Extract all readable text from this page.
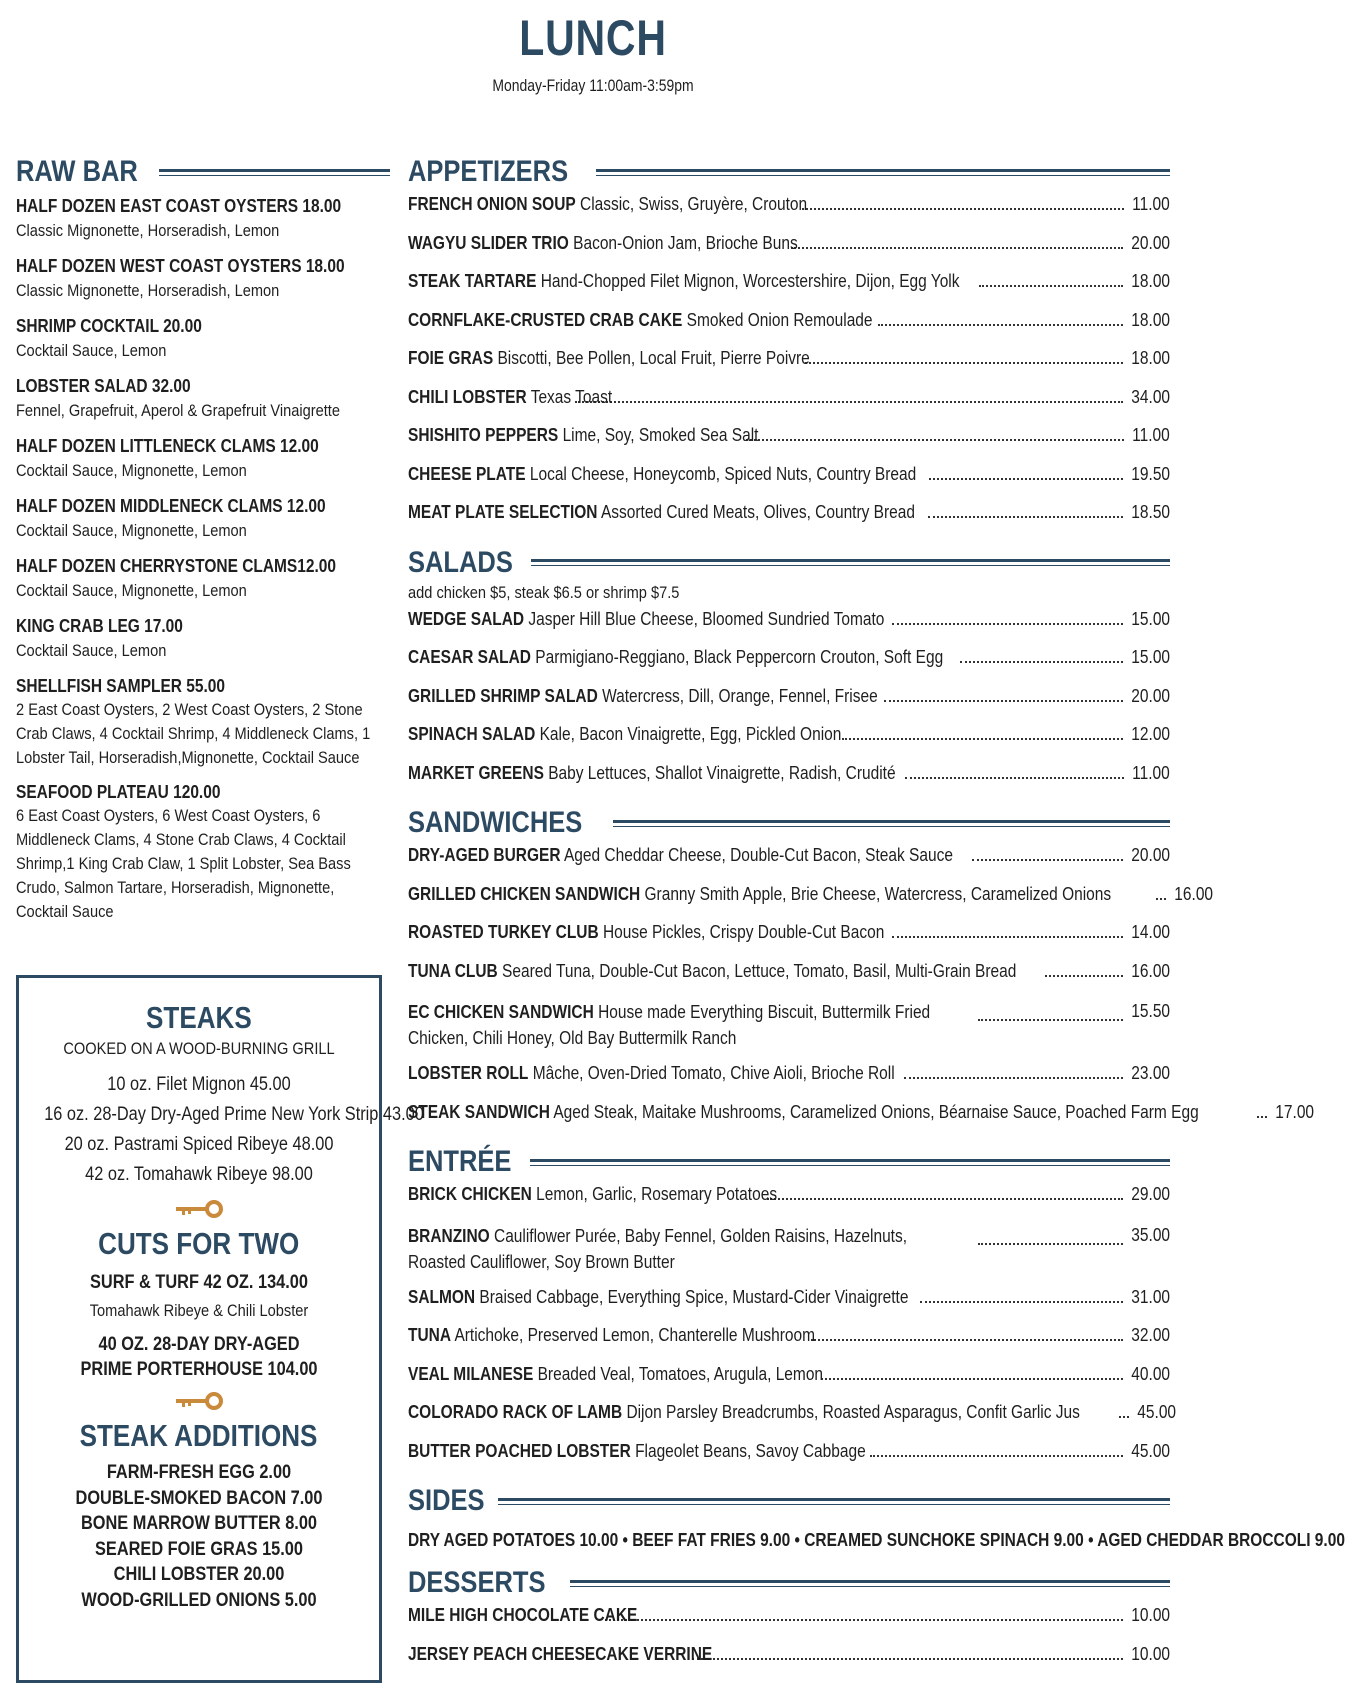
LUNCH
Monday-Friday 11:00am-3:59pm
RAW BAR
HALF DOZEN EAST COAST OYSTERS 18.00
Classic Mignonette, Horseradish, Lemon
HALF DOZEN WEST COAST OYSTERS 18.00
Classic Mignonette, Horseradish, Lemon
SHRIMP COCKTAIL 20.00
Cocktail Sauce, Lemon
LOBSTER SALAD 32.00
Fennel, Grapefruit, Aperol & Grapefruit Vinaigrette
HALF DOZEN LITTLENECK CLAMS 12.00
Cocktail Sauce, Mignonette, Lemon
HALF DOZEN MIDDLENECK CLAMS 12.00
Cocktail Sauce, Mignonette, Lemon
HALF DOZEN CHERRYSTONE CLAMS12.00
Cocktail Sauce, Mignonette, Lemon
KING CRAB LEG 17.00
Cocktail Sauce, Lemon
SHELLFISH SAMPLER 55.00
2 East Coast Oysters, 2 West Coast Oysters, 2 Stone Crab Claws, 4 Cocktail Shrimp, 4 Middleneck Clams, 1 Lobster Tail, Horseradish,Mignonette, Cocktail Sauce
SEAFOOD PLATEAU 120.00
6 East Coast Oysters, 6 West Coast Oysters, 6 Middleneck Clams, 4 Stone Crab Claws, 4 Cocktail Shrimp,1 King Crab Claw, 1 Split Lobster, Sea Bass Crudo, Salmon Tartare, Horseradish, Mignonette, Cocktail Sauce
STEAKS
COOKED ON A WOOD-BURNING GRILL
10 oz. Filet Mignon 45.00
16 oz. 28-Day Dry-Aged Prime New York Strip 43.00
20 oz. Pastrami Spiced Ribeye 48.00
42 oz. Tomahawk Ribeye 98.00
CUTS FOR TWO
SURF & TURF 42 OZ. 134.00
Tomahawk Ribeye & Chili Lobster
40 OZ. 28-DAY DRY-AGED
PRIME PORTERHOUSE 104.00
STEAK ADDITIONS
FARM-FRESH EGG 2.00
DOUBLE-SMOKED BACON 7.00
BONE MARROW BUTTER 8.00
SEARED FOIE GRAS 15.00
CHILI LOBSTER 20.00
WOOD-GRILLED ONIONS 5.00
APPETIZERS
FRENCH ONION SOUP Classic, Swiss, Gruyère, Crouton	11.00
WAGYU SLIDER TRIO Bacon-Onion Jam, Brioche Buns	20.00
STEAK TARTARE Hand-Chopped Filet Mignon, Worcestershire, Dijon, Egg Yolk	18.00
CORNFLAKE-CRUSTED CRAB CAKE Smoked Onion Remoulade	18.00
FOIE GRAS Biscotti, Bee Pollen, Local Fruit, Pierre Poivre	18.00
CHILI LOBSTER Texas Toast	34.00
SHISHITO PEPPERS Lime, Soy, Smoked Sea Salt	11.00
CHEESE PLATE Local Cheese, Honeycomb, Spiced Nuts, Country Bread	19.50
MEAT PLATE SELECTION Assorted Cured Meats, Olives, Country Bread	18.50
SALADS
add chicken $5, steak $6.5 or shrimp $7.5
WEDGE SALAD Jasper Hill Blue Cheese, Bloomed Sundried Tomato	15.00
CAESAR SALAD Parmigiano-Reggiano, Black Peppercorn Crouton, Soft Egg	15.00
GRILLED SHRIMP SALAD Watercress, Dill, Orange, Fennel, Frisee	20.00
SPINACH SALAD Kale, Bacon Vinaigrette, Egg, Pickled Onion	12.00
MARKET GREENS Baby Lettuces, Shallot Vinaigrette, Radish, Crudité	11.00
SANDWICHES
DRY-AGED BURGER Aged Cheddar Cheese, Double-Cut Bacon, Steak Sauce	20.00
GRILLED CHICKEN SANDWICH Granny Smith Apple, Brie Cheese, Watercress, Caramelized Onions	16.00
ROASTED TURKEY CLUB House Pickles, Crispy Double-Cut Bacon	14.00
TUNA CLUB Seared Tuna, Double-Cut Bacon, Lettuce, Tomato, Basil, Multi-Grain Bread	16.00
EC CHICKEN SANDWICH House made Everything Biscuit, Buttermilk Fried Chicken, Chili Honey, Old Bay Buttermilk Ranch
15.50
LOBSTER ROLL Mâche, Oven-Dried Tomato, Chive Aioli, Brioche Roll	23.00
STEAK SANDWICH Aged Steak, Maitake Mushrooms, Caramelized Onions, Béarnaise Sauce, Poached Farm Egg	17.00
ENTRÉE
BRICK CHICKEN Lemon, Garlic, Rosemary Potatoes	29.00
BRANZINO Cauliflower Purée, Baby Fennel, Golden Raisins, Hazelnuts, Roasted Cauliflower, Soy Brown Butter
35.00
SALMON Braised Cabbage, Everything Spice, Mustard-Cider Vinaigrette	31.00
TUNA Artichoke, Preserved Lemon, Chanterelle Mushroom	32.00
VEAL MILANESE Breaded Veal, Tomatoes, Arugula, Lemon	40.00
COLORADO RACK OF LAMB Dijon Parsley Breadcrumbs, Roasted Asparagus, Confit Garlic Jus	45.00
BUTTER POACHED LOBSTER Flageolet Beans, Savoy Cabbage	45.00
SIDES
DRY AGED POTATOES 10.00 • BEEF FAT FRIES 9.00 • CREAMED SUNCHOKE SPINACH 9.00 • AGED CHEDDAR BROCCOLI 9.00
DESSERTS
MILE HIGH CHOCOLATE CAKE	10.00
JERSEY PEACH CHEESECAKE VERRINE	10.00
